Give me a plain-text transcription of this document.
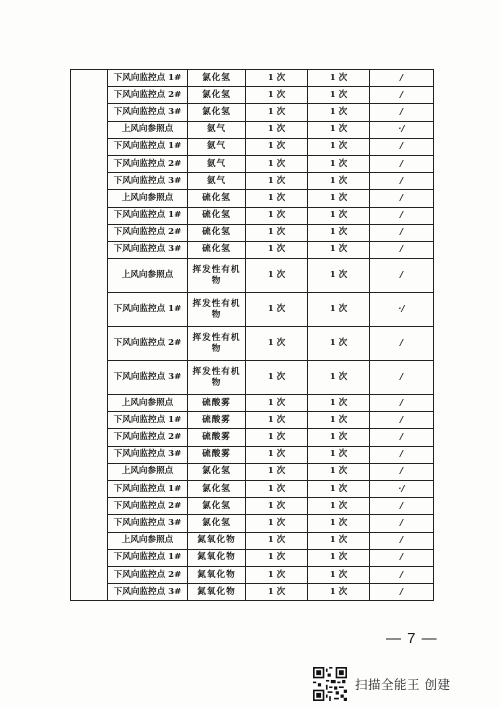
	下风向监控点 1#	氯化氢	1 次	1 次	/
	下风向监控点 2#	氯化氢	1 次	1 次	/
	下风向监控点 3#	氯化氢	1 次	1 次	/
	上风向参照点	氨气	1 次	1 次	·/
	下风向监控点 1#	氨气	1 次	1 次	/
	下风向监控点 2#	氨气	1 次	1 次	/
	下风向监控点 3#	氨气	1 次	1 次	/
	上风向参照点	硫化氢	1 次	1 次	/
	下风向监控点 1#	硫化氢	1 次	1 次	/
	下风向监控点 2#	硫化氢	1 次	1 次	/
	下风向监控点 3#	硫化氢	1 次	1 次	/
	上风向参照点	挥发性有机物	1 次	1 次	/
	下风向监控点 1#	挥发性有机物	1 次	1 次	·/
	下风向监控点 2#	挥发性有机物	1 次	1 次	/
	下风向监控点 3#	挥发性有机物	1 次	1 次	/
	上风向参照点	硫酸雾	1 次	1 次	/
	下风向监控点 1#	硫酸雾	1 次	1 次	/
	下风向监控点 2#	硫酸雾	1 次	1 次	/
	下风向监控点 3#	硫酸雾	1 次	1 次	/
	上风向参照点	氯化氢	1 次	1 次	/
	下风向监控点 1#	氯化氢	1 次	1 次	·/
	下风向监控点 2#	氯化氢	1 次	1 次	/
	下风向监控点 3#	氯化氢	1 次	1 次	/
	上风向参照点	氮氧化物	1 次	1 次	/
	下风向监控点 1#	氮氧化物	1 次	1 次	/
	下风向监控点 2#	氮氧化物	1 次	1 次	/
	下风向监控点 3#	氮氧化物	1 次	1 次	/
— 7 —
扫描全能王 创建
